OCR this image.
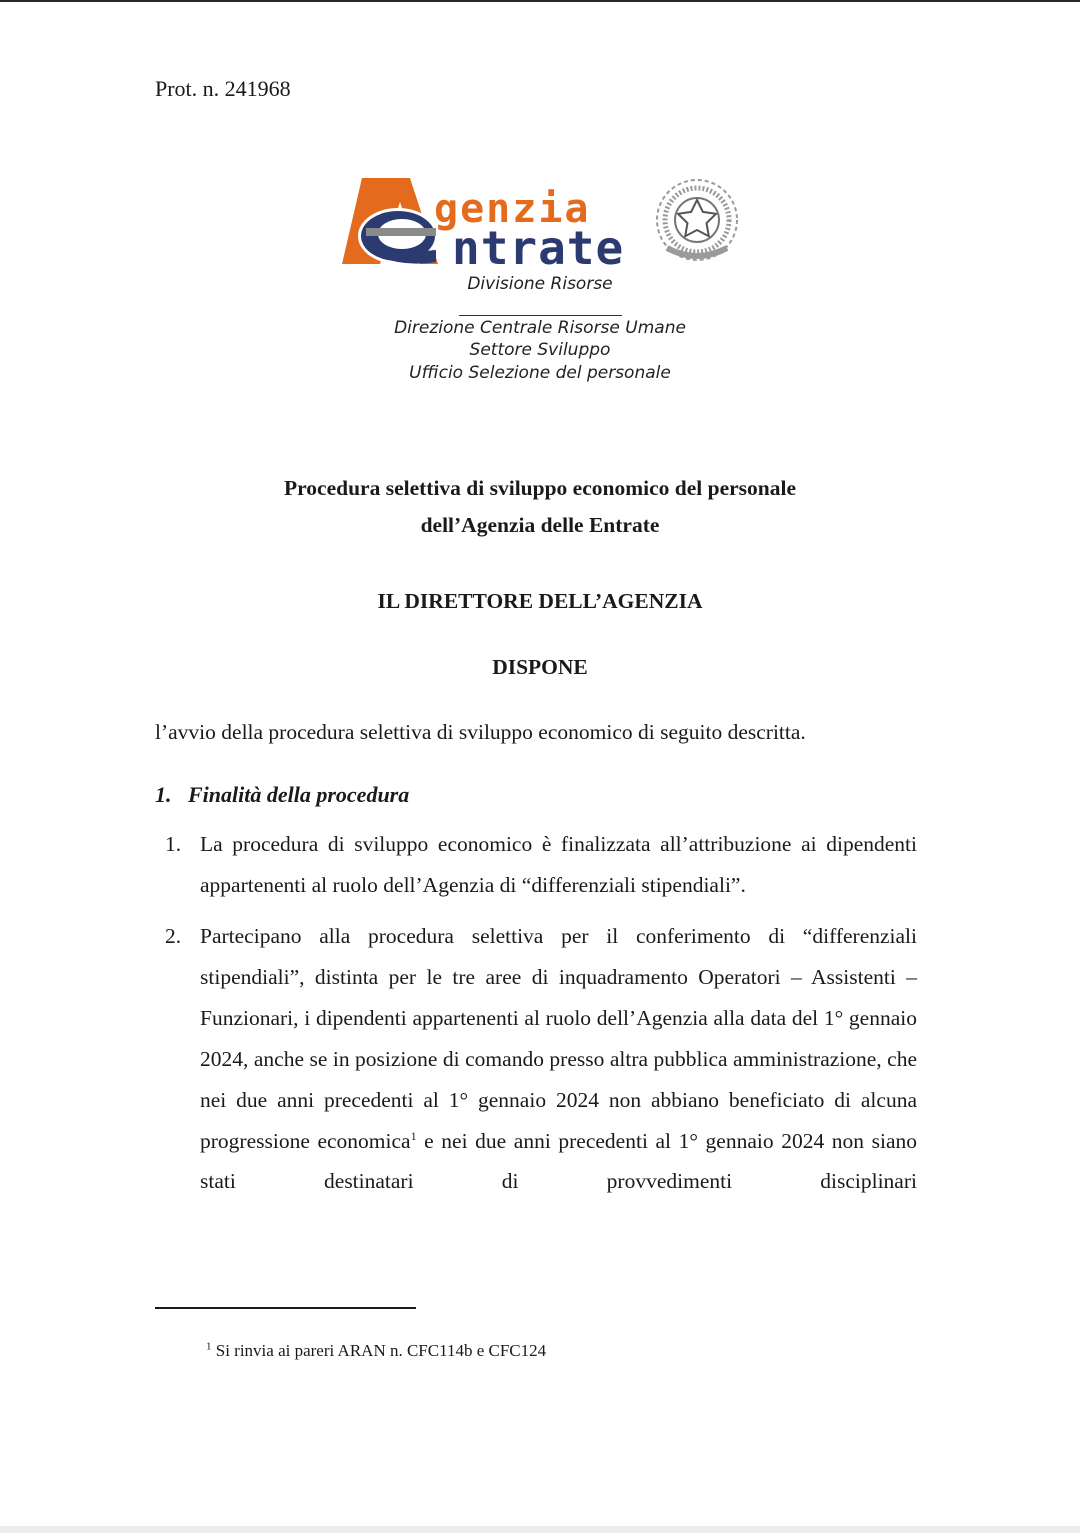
Prot. n. 241968
genzia
ntrate
Divisione Risorse
Direzione Centrale Risorse Umane
Settore Sviluppo
Ufficio Selezione del personale
Procedura selettiva di sviluppo economico del personale
dell’Agenzia delle Entrate
IL DIRETTORE DELL’AGENZIA
DISPONE
l’avvio della procedura selettiva di sviluppo economico di seguito descritta.
1. Finalità della procedura
1. La procedura di sviluppo economico è finalizzata all’attribuzione ai dipendenti appartenenti al ruolo dell’Agenzia di “differenziali stipendiali”.
2. Partecipano alla procedura selettiva per il conferimento di “differenziali stipendiali”, distinta per le tre aree di inquadramento Operatori – Assistenti – Funzionari, i dipendenti appartenenti al ruolo dell’Agenzia alla data del 1° gennaio 2024, anche se in posizione di comando presso altra pubblica amministrazione, che nei due anni precedenti al 1° gennaio 2024 non abbiano beneficiato di alcuna progressione economica$^1$ e nei due anni precedenti al 1° gennaio 2024 non siano stati destinatari di provvedimenti disciplinari
$^1$ Si rinvia ai pareri ARAN n. CFC114b e CFC124
